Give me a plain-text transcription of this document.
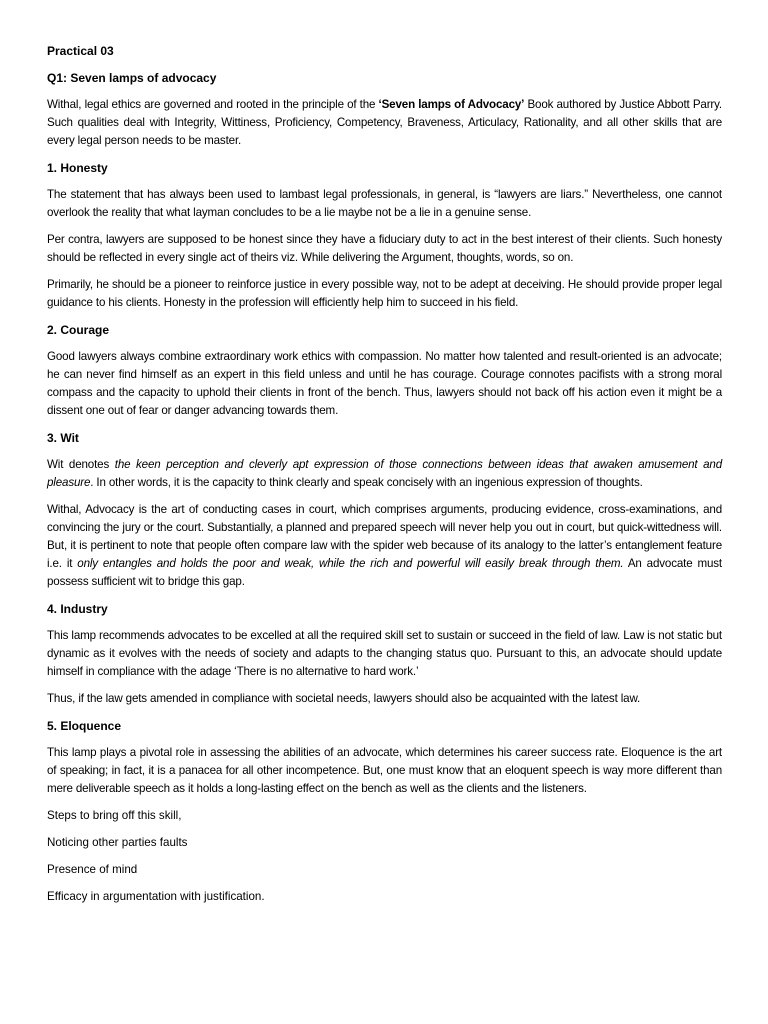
Practical 03
Q1: Seven lamps of advocacy

Withal, legal ethics are governed and rooted in the principle of the ‘Seven lamps of Advocacy’ Book authored by Justice Abbott Parry. Such qualities deal with Integrity, Wittiness, Proficiency, Competency, Braveness, Articulacy, Rationality, and all other skills that are every legal person needs to be master.

1. Honesty

The statement that has always been used to lambast legal professionals, in general, is “lawyers are liars.” Nevertheless, one cannot overlook the reality that what layman concludes to be a lie maybe not be a lie in a genuine sense.

Per contra, lawyers are supposed to be honest since they have a fiduciary duty to act in the best interest of their clients. Such honesty should be reflected in every single act of theirs viz. While delivering the Argument, thoughts, words, so on.

Primarily, he should be a pioneer to reinforce justice in every possible way, not to be adept at deceiving. He should provide proper legal guidance to his clients. Honesty in the profession will efficiently help him to succeed in his field.

2. Courage

Good lawyers always combine extraordinary work ethics with compassion. No matter how talented and result-oriented is an advocate; he can never find himself as an expert in this field unless and until he has courage. Courage connotes pacifists with a strong moral compass and the capacity to uphold their clients in front of the bench. Thus, lawyers should not back off his action even it might be a dissent one out of fear or danger advancing towards them.

3. Wit

Wit denotes the keen perception and cleverly apt expression of those connections between ideas that awaken amusement and pleasure. In other words, it is the capacity to think clearly and speak concisely with an ingenious expression of thoughts.

Withal, Advocacy is the art of conducting cases in court, which comprises arguments, producing evidence, cross-examinations, and convincing the jury or the court. Substantially, a planned and prepared speech will never help you out in court, but quick-wittedness will. But, it is pertinent to note that people often compare law with the spider web because of its analogy to the latter’s entanglement feature i.e. it only entangles and holds the poor and weak, while the rich and powerful will easily break through them. An advocate must possess sufficient wit to bridge this gap.

4. Industry

This lamp recommends advocates to be excelled at all the required skill set to sustain or succeed in the field of law. Law is not static but dynamic as it evolves with the needs of society and adapts to the changing status quo. Pursuant to this, an advocate should update himself in compliance with the adage ‘There is no alternative to hard work.’

Thus, if the law gets amended in compliance with societal needs, lawyers should also be acquainted with the latest law.

5. Eloquence

This lamp plays a pivotal role in assessing the abilities of an advocate, which determines his career success rate. Eloquence is the art of speaking; in fact, it is a panacea for all other incompetence. But, one must know that an eloquent speech is way more different than mere deliverable speech as it holds a long-lasting effect on the bench as well as the clients and the listeners.

Steps to bring off this skill,
Noticing other parties faults
Presence of mind
Efficacy in argumentation with justification.
